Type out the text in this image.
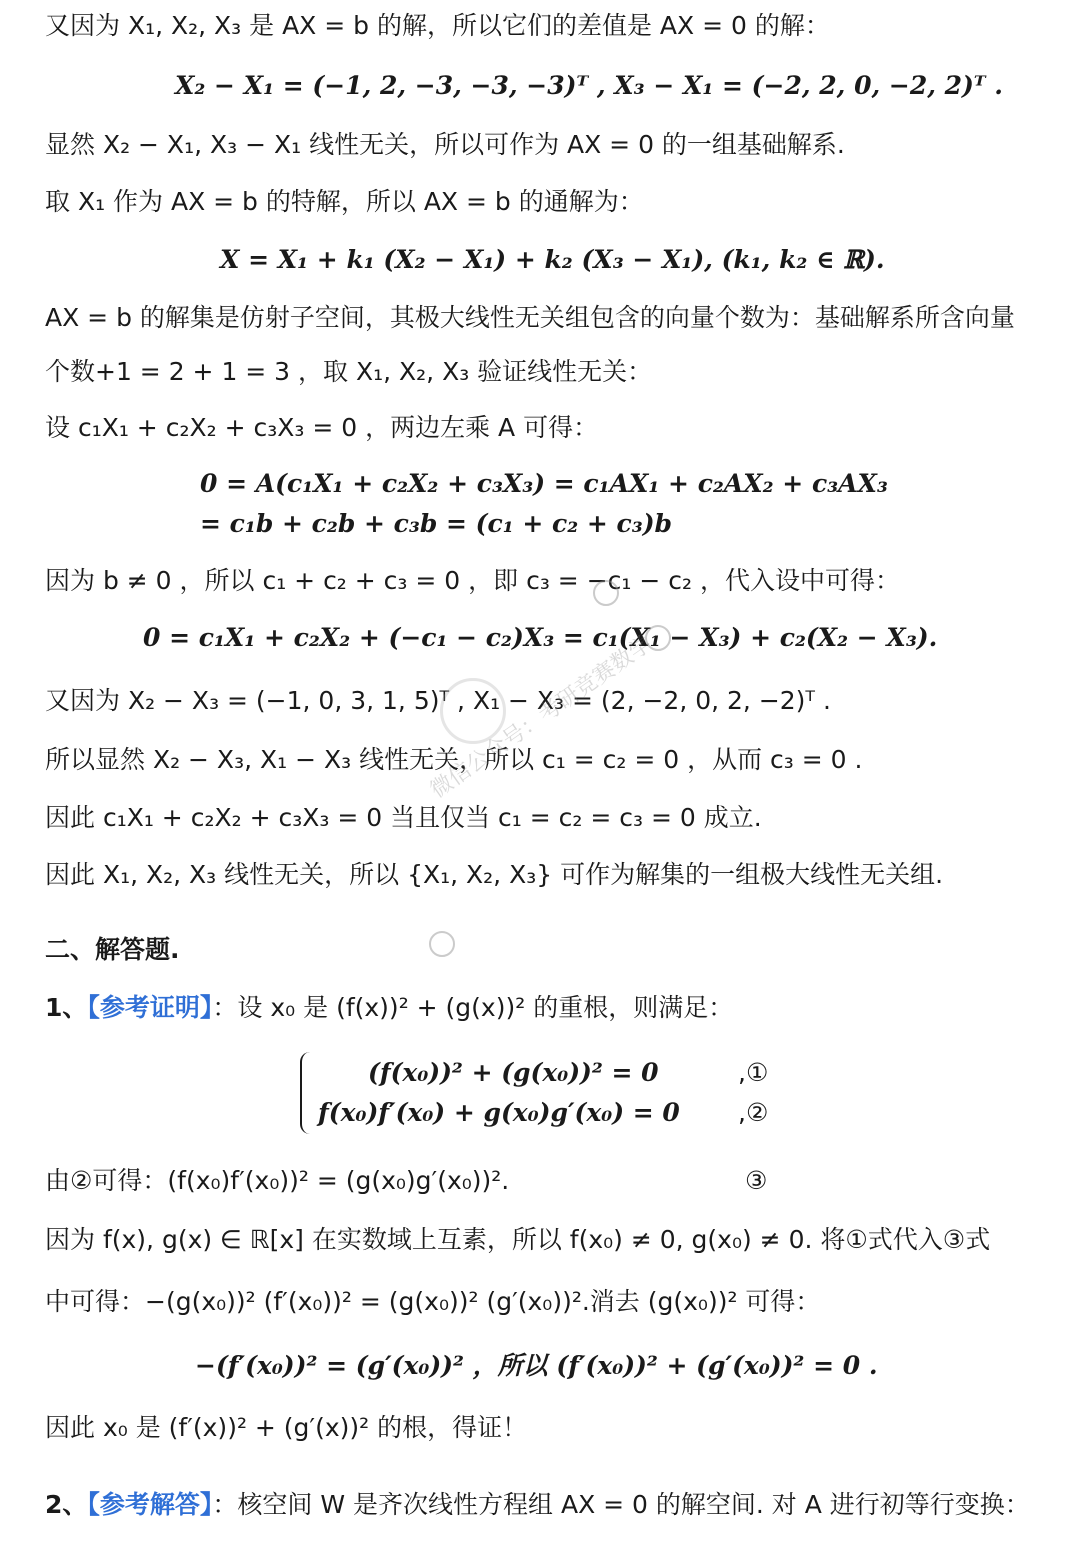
又因为 X₁, X₂, X₃ 是 AX = b 的解，所以它们的差值是 AX = 0 的解：
X₂ − X₁ = (−1, 2, −3, −3, −3)ᵀ , X₃ − X₁ = (−2, 2, 0, −2, 2)ᵀ .
显然 X₂ − X₁, X₃ − X₁ 线性无关，所以可作为 AX = 0 的一组基础解系.
取 X₁ 作为 AX = b 的特解，所以 AX = b 的通解为：
X = X₁ + k₁ (X₂ − X₁) + k₂ (X₃ − X₁), (k₁, k₂ ∈ ℝ).
AX = b 的解集是仿射子空间，其极大线性无关组包含的向量个数为：基础解系所含向量
个数+1 = 2 + 1 = 3 ，取 X₁, X₂, X₃ 验证线性无关：
设 c₁X₁ + c₂X₂ + c₃X₃ = 0 ，两边左乘 A 可得：
0 = A(c₁X₁ + c₂X₂ + c₃X₃) = c₁AX₁ + c₂AX₂ + c₃AX₃
= c₁b + c₂b + c₃b = (c₁ + c₂ + c₃)b
因为 b ≠ 0 ，所以 c₁ + c₂ + c₃ = 0 ，即 c₃ = −c₁ − c₂ ，代入设中可得：
0 = c₁X₁ + c₂X₂ + (−c₁ − c₂)X₃ = c₁(X₁ − X₃) + c₂(X₂ − X₃).
又因为 X₂ − X₃ = (−1, 0, 3, 1, 5)ᵀ , X₁ − X₃ = (2, −2, 0, 2, −2)ᵀ .
所以显然 X₂ − X₃, X₁ − X₃ 线性无关，所以 c₁ = c₂ = 0 ，从而 c₃ = 0 .
因此 c₁X₁ + c₂X₂ + c₃X₃ = 0 当且仅当 c₁ = c₂ = c₃ = 0 成立.
因此 X₁, X₂, X₃ 线性无关，所以 {X₁, X₂, X₃} 可作为解集的一组极大线性无关组.
二、解答题.
1、【参考证明】：设 x₀ 是 (f(x))² + (g(x))² 的重根，则满足：
(f(x₀))² + (g(x₀))² = 0	,①
f(x₀)f′(x₀) + g(x₀)g′(x₀) = 0 ,②
由②可得：(f(x₀)f′(x₀))² = (g(x₀)g′(x₀))².	③
因为 f(x), g(x) ∈ ℝ[x] 在实数域上互素，所以 f(x₀) ≠ 0, g(x₀) ≠ 0. 将①式代入③式
中可得：−(g(x₀))² (f′(x₀))² = (g(x₀))² (g′(x₀))².消去 (g(x₀))² 可得：
−(f′(x₀))² = (g′(x₀))² ，所以 (f′(x₀))² + (g′(x₀))² = 0 .
因此 x₀ 是 (f′(x))² + (g′(x))² 的根，得证！
2、【参考解答】：核空间 W 是齐次线性方程组 AX = 0 的解空间. 对 A 进行初等行变换：
微信公众号：考研竞赛数学
